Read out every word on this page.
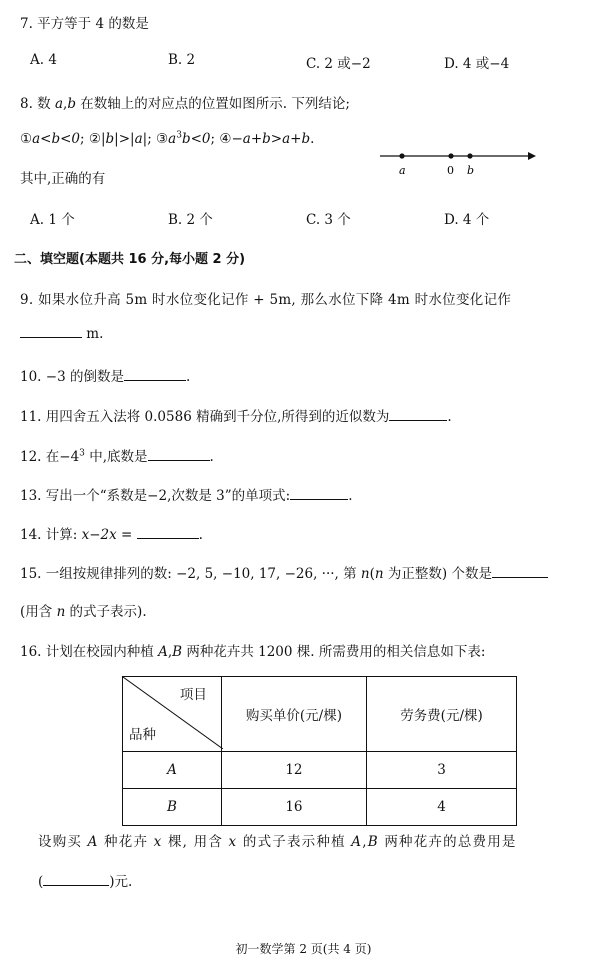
7. 平方等于 4 的数是
A. 4	B. 2	C. 2 或−2	D. 4 或−4
8. 数 a,b 在数轴上的对应点的位置如图所示. 下列结论;
①a<b<0; ②|b|>|a|; $③a^3b<0$; ④−a+b>a+b.
其中,正确的有
a	0 b
A. 1 个	B. 2 个	C. 3 个	D. 4 个
二、填空题(本题共 16 分,每小题 2 分)
9. 如果水位升高 5m 时水位变化记作 + 5m, 那么水位下降 4m 时水位变化记作
m.
10. −3 的倒数是	.
11. 用四舍五入法将 0.0586 精确到千分位,所得到的近似数为	.
12. 在$-4^3$ 中,底数是	.
13. 写出一个“系数是−2,次数是 3”的单项式:	.
14. 计算: x−2x =	.
15. 一组按规律排列的数: −2, 5, −10, 17, −26, ···, 第 n(n 为正整数) 个数是
(用含 n 的式子表示).
16. 计划在校园内种植 A,B 两种花卉共 1200 棵. 所需费用的相关信息如下表:
项目
品种	购买单价(元/棵)	劳务费(元/棵)
A	12	3
B	16	4
设购买 A 种花卉 x 棵, 用含 x 的式子表示种植 A,B 两种花卉的总费用是
(	)元.
初一数学第 2 页(共 4 页)
